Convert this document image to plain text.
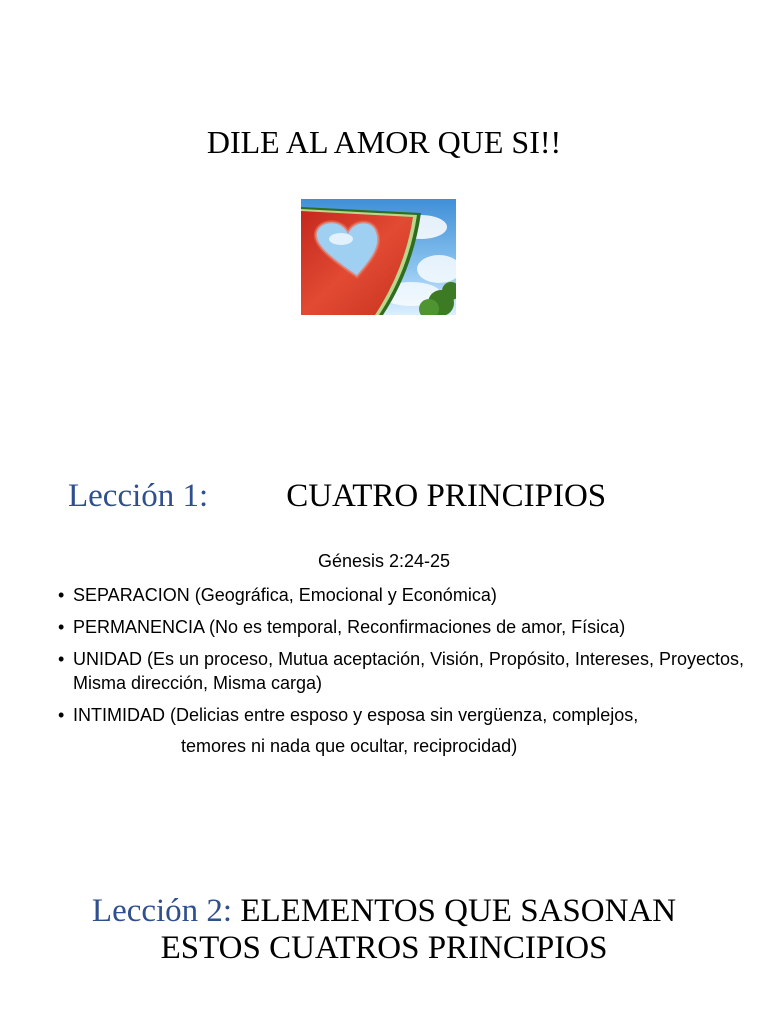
DILE AL AMOR QUE SI!!
Lección 1: CUATRO PRINCIPIOS
Génesis 2:24-25
• SEPARACION (Geográfica, Emocional y Económica)
• PERMANENCIA (No es temporal, Reconfirmaciones de amor, Física)
• UNIDAD (Es un proceso, Mutua aceptación, Visión, Propósito, Intereses, Proyectos, Misma dirección, Misma carga)
• INTIMIDAD (Delicias entre esposo y esposa sin vergüenza, complejos,
temores ni nada que ocultar, reciprocidad)
Lección 2: ELEMENTOS QUE SASONAN
ESTOS CUATROS PRINCIPIOS
